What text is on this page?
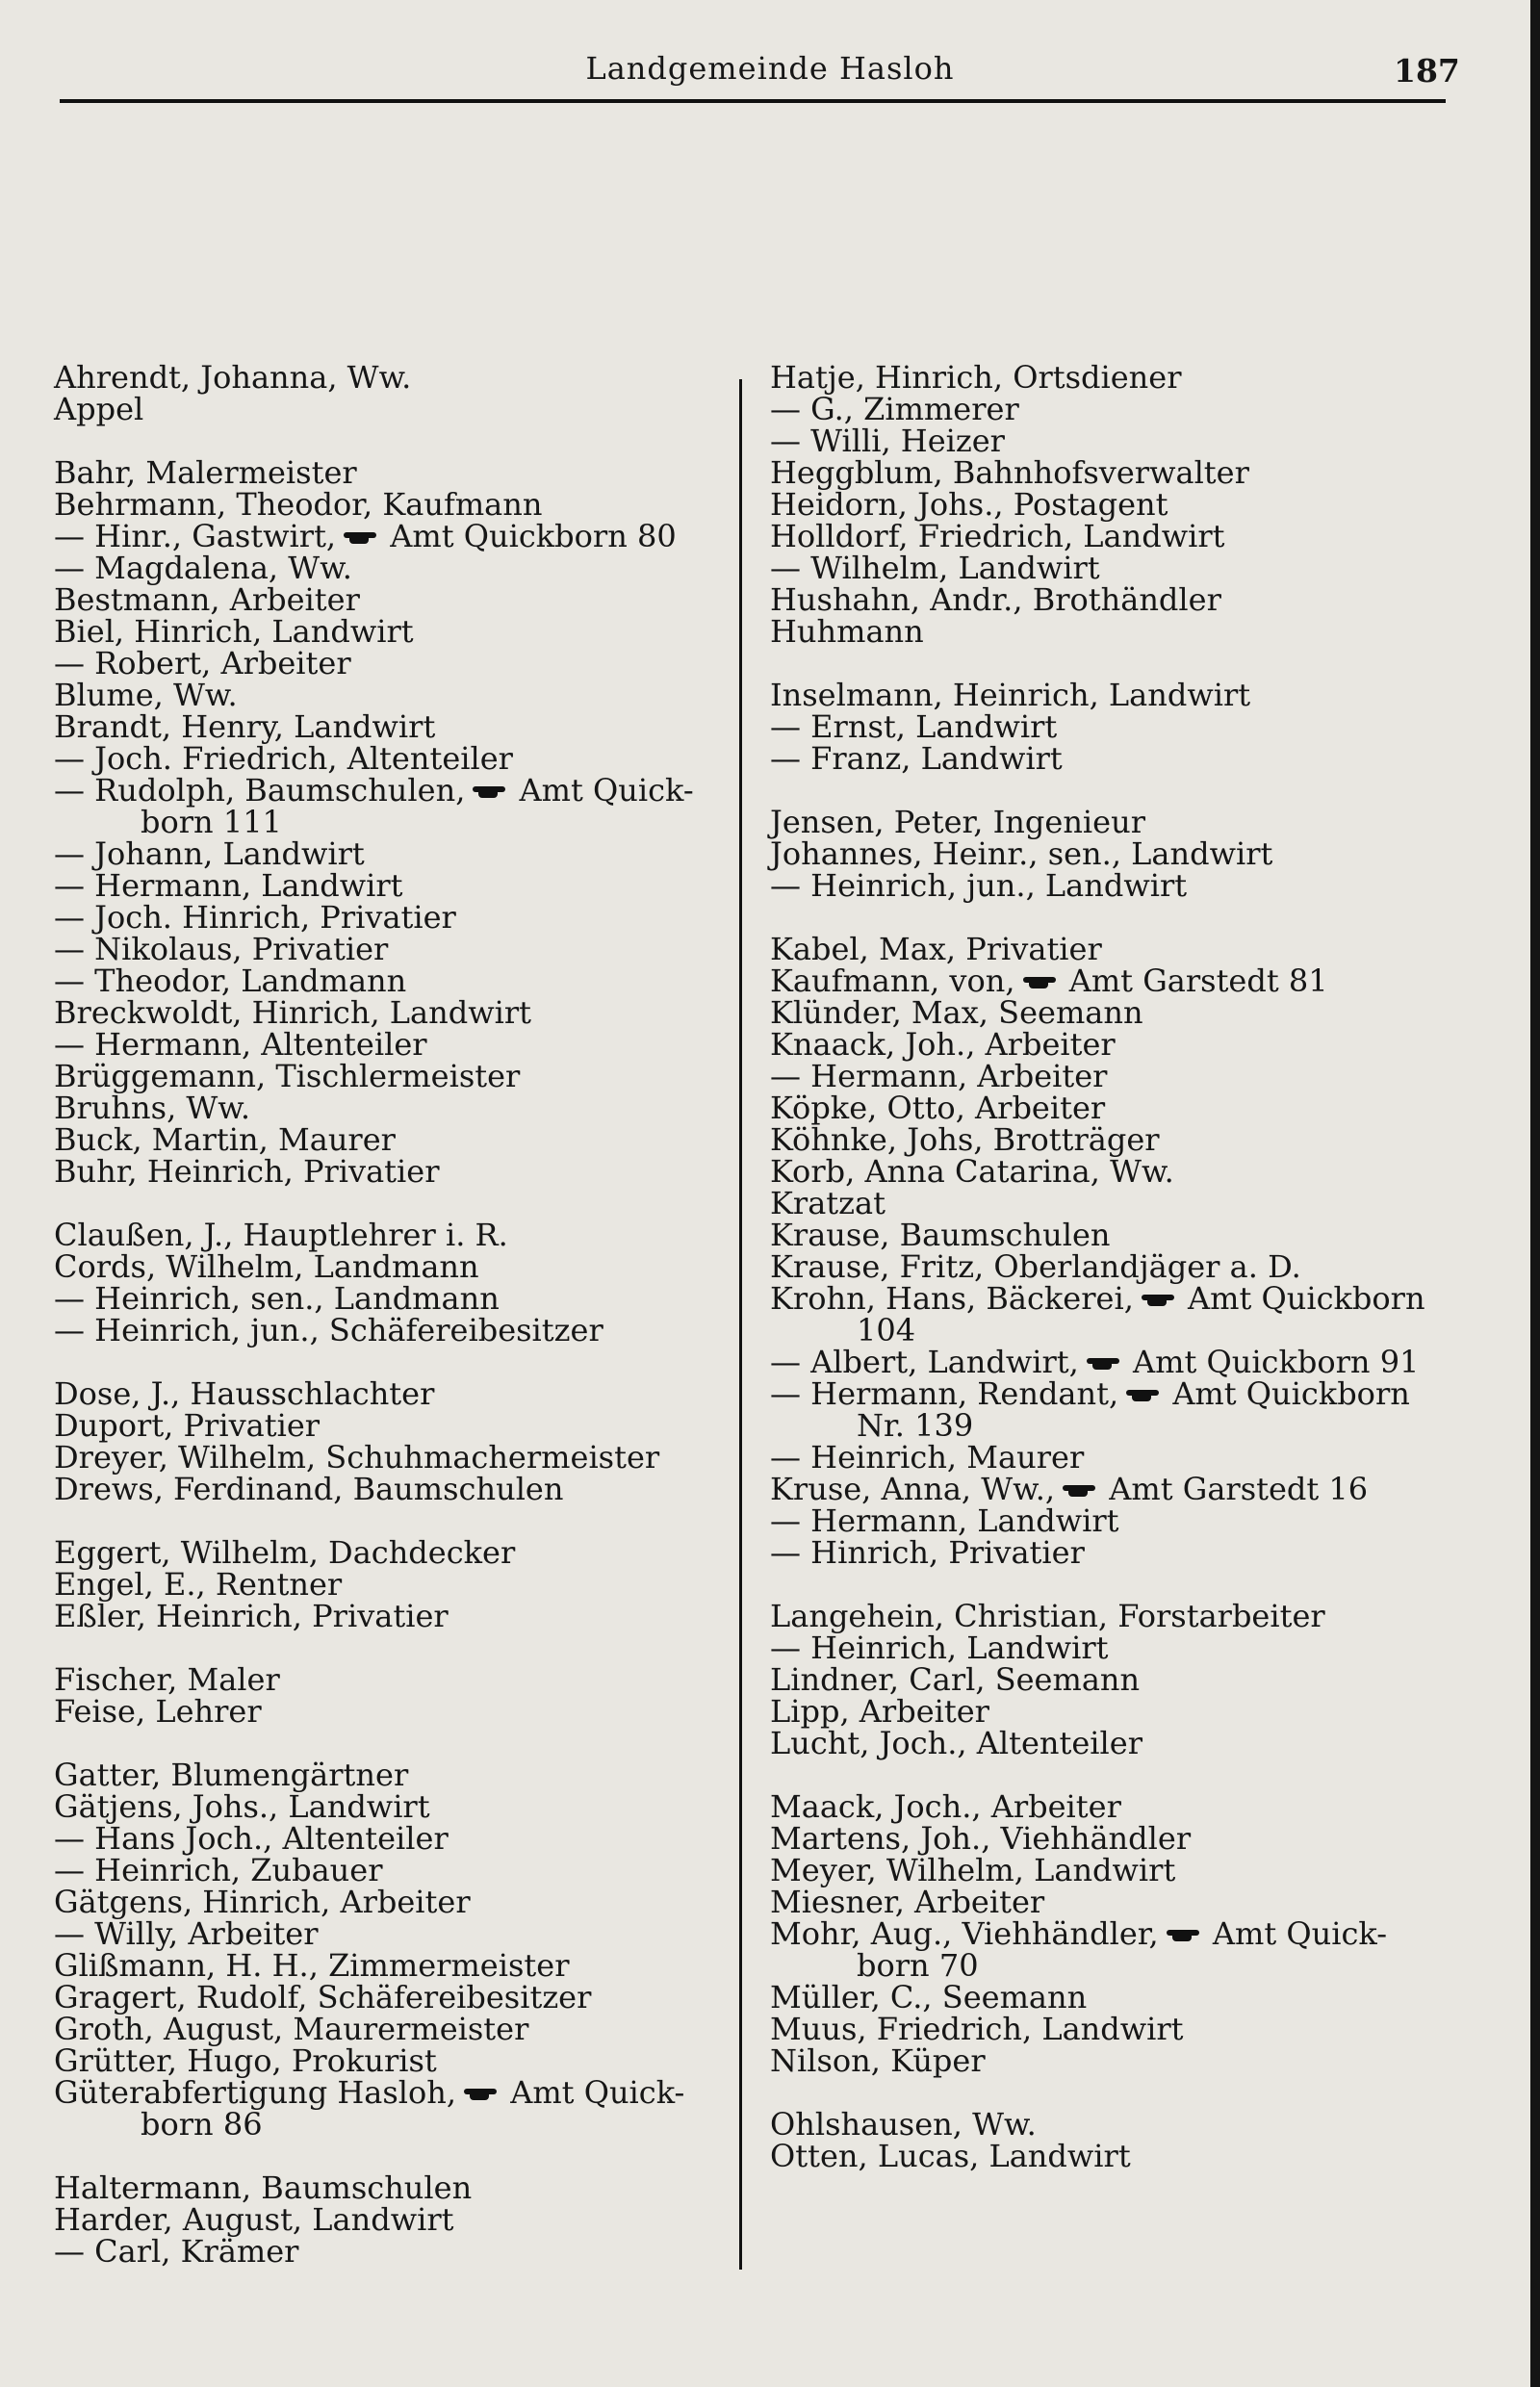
Landgemeinde Hasloh	187
Ahrendt, Johanna, Ww.
Appel
Bahr, Malermeister
Behrmann, Theodor, Kaufmann
— Hinr., Gastwirt, Amt Quickborn 80
— Magdalena, Ww.
Bestmann, Arbeiter
Biel, Hinrich, Landwirt
— Robert, Arbeiter
Blume, Ww.
Brandt, Henry, Landwirt
— Joch. Friedrich, Altenteiler
— Rudolph, Baumschulen, Amt Quick-
born 111
— Johann, Landwirt
— Hermann, Landwirt
— Joch. Hinrich, Privatier
— Nikolaus, Privatier
— Theodor, Landmann
Breckwoldt, Hinrich, Landwirt
— Hermann, Altenteiler
Brüggemann, Tischlermeister
Bruhns, Ww.
Buck, Martin, Maurer
Buhr, Heinrich, Privatier
Claußen, J., Hauptlehrer i. R.
Cords, Wilhelm, Landmann
— Heinrich, sen., Landmann
— Heinrich, jun., Schäfereibesitzer
Dose, J., Hausschlachter
Duport, Privatier
Dreyer, Wilhelm, Schuhmachermeister
Drews, Ferdinand, Baumschulen
Eggert, Wilhelm, Dachdecker
Engel, E., Rentner
Eßler, Heinrich, Privatier
Fischer, Maler
Feise, Lehrer
Gatter, Blumengärtner
Gätjens, Johs., Landwirt
— Hans Joch., Altenteiler
— Heinrich, Zubauer
Gätgens, Hinrich, Arbeiter
— Willy, Arbeiter
Glißmann, H. H., Zimmermeister
Gragert, Rudolf, Schäfereibesitzer
Groth, August, Maurermeister
Grütter, Hugo, Prokurist
Güterabfertigung Hasloh, Amt Quick-
born 86
Haltermann, Baumschulen
Harder, August, Landwirt
— Carl, Krämer
Hatje, Hinrich, Ortsdiener
— G., Zimmerer
— Willi, Heizer
Heggblum, Bahnhofsverwalter
Heidorn, Johs., Postagent
Holldorf, Friedrich, Landwirt
— Wilhelm, Landwirt
Hushahn, Andr., Brothändler
Huhmann
Inselmann, Heinrich, Landwirt
— Ernst, Landwirt
— Franz, Landwirt
Jensen, Peter, Ingenieur
Johannes, Heinr., sen., Landwirt
— Heinrich, jun., Landwirt
Kabel, Max, Privatier
Kaufmann, von, Amt Garstedt 81
Klünder, Max, Seemann
Knaack, Joh., Arbeiter
— Hermann, Arbeiter
Köpke, Otto, Arbeiter
Köhnke, Johs, Brotträger
Korb, Anna Catarina, Ww.
Kratzat
Krause, Baumschulen
Krause, Fritz, Oberlandjäger a. D.
Krohn, Hans, Bäckerei, Amt Quickborn
104
— Albert, Landwirt, Amt Quickborn 91
— Hermann, Rendant, Amt Quickborn
Nr. 139
— Heinrich, Maurer
Kruse, Anna, Ww., Amt Garstedt 16
— Hermann, Landwirt
— Hinrich, Privatier
Langehein, Christian, Forstarbeiter
— Heinrich, Landwirt
Lindner, Carl, Seemann
Lipp, Arbeiter
Lucht, Joch., Altenteiler
Maack, Joch., Arbeiter
Martens, Joh., Viehhändler
Meyer, Wilhelm, Landwirt
Miesner, Arbeiter
Mohr, Aug., Viehhändler, Amt Quick-
born 70
Müller, C., Seemann
Muus, Friedrich, Landwirt
Nilson, Küper
Ohlshausen, Ww.
Otten, Lucas, Landwirt
